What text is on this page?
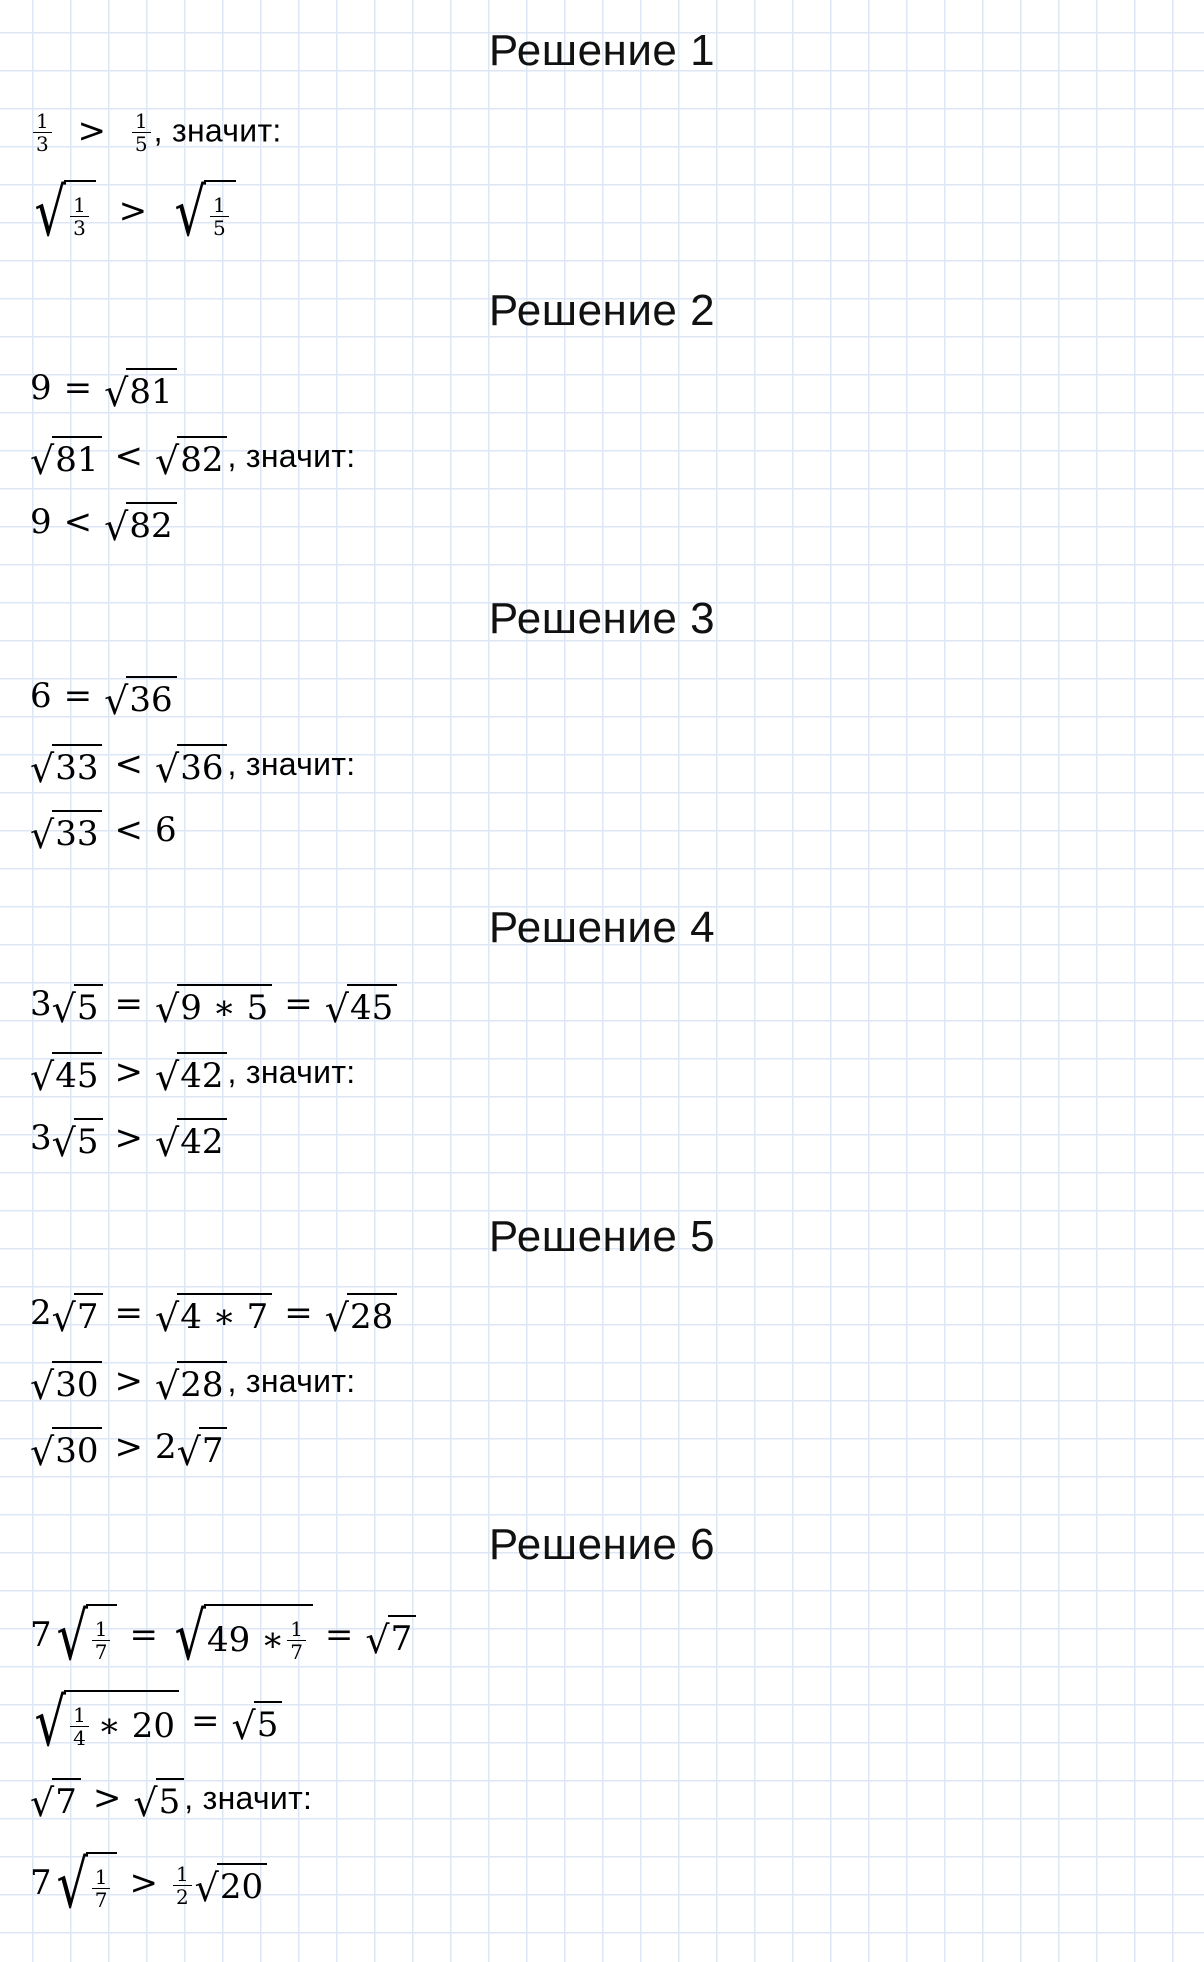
Решение 1
$\frac{1}{3} > \frac{1}{5}$ , значит:
√ $\frac{1}{3}$ > √ $\frac{1}{5}$
Решение 2
9 = √ 81
√ 81 < √ 82 , значит:
9 < √ 82
Решение 3
6 = √ 36
√ 33 < √ 36 , значит:
√ 33 < 6
Решение 4
3 √ 5 = √ 9 ∗ 5 = √ 45
√ 45 > √ 42 , значит:
3 √ 5 > √ 42
Решение 5
2 √ 7 = √ 4 ∗ 7 = √ 28
√ 30 > √ 28 , значит:
√ 30 > 2 √ 7
Решение 6
7 √ $\frac{1}{7}$ = √ 49 ∗ $\frac{1}{7}$ = √ 7
√ $\frac{1}{4}$ ∗ 20 = √ 5
√ 7 > √ 5 , значит:
7 √ $\frac{1}{7} > \frac{1}{2}$ √ 20
